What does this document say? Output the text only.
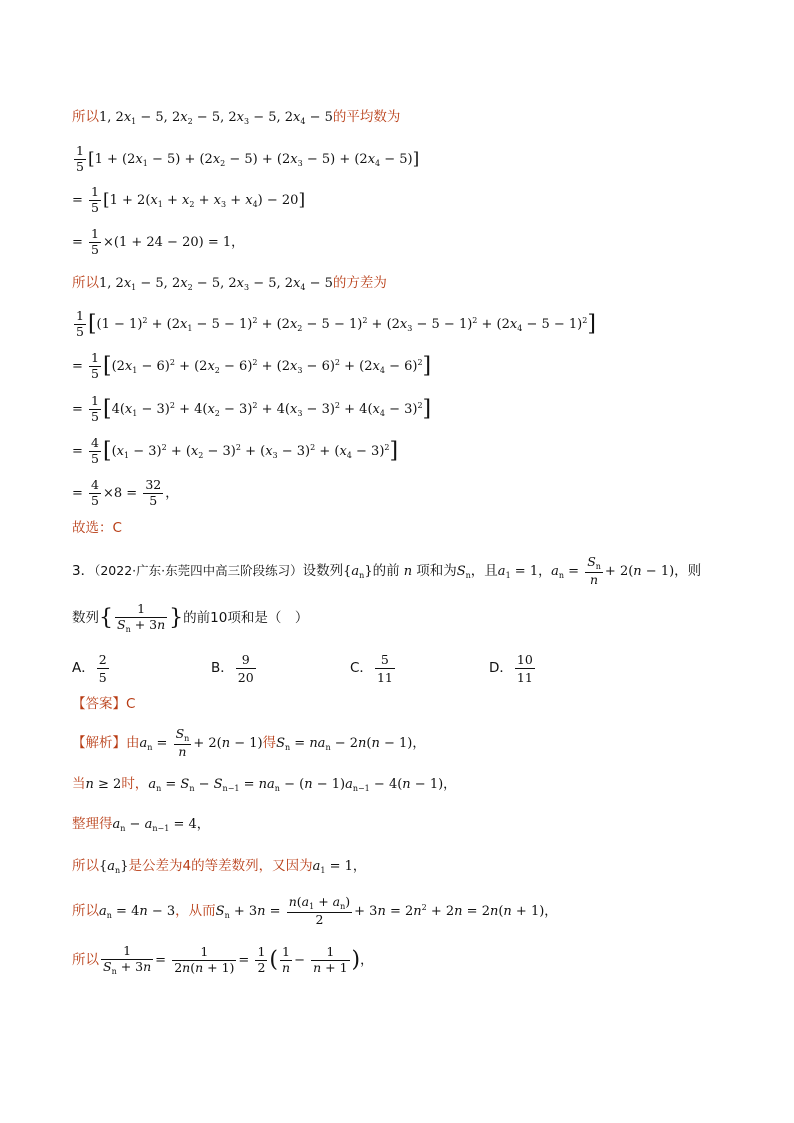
所以1, $2x_1 - 5$, $2x_2 - 5$, $2x_3 - 5$, $2x_4 - 5$的平均数为
$\frac{1}{5} [1 + (2x_1 - 5) + (2x_2 - 5) + (2x_3 - 5) + (2x_4 - 5)]$
= $\frac{1}{5} [1 + 2(x_1 + x_2 + x_3 + x_4) - 20]$
= $\frac{1}{5} \times(1 + 24 - 20) = 1$，
所以1, $2x_1 - 5$, $2x_2 - 5$, $2x_3 - 5$, $2x_4 - 5$的方差为
$\frac{1}{5} [(1 - 1)^2 + (2x_1 - 5 - 1)^2 + (2x_2 - 5 - 1)^2 + (2x_3 - 5 - 1)^2 + (2x_4 - 5 - 1)^2]$
= $\frac{1}{5} [(2x_1 - 6)^2 + (2x_2 - 6)^2 + (2x_3 - 6)^2 + (2x_4 - 6)^2]$
= $\frac{1}{5} [4(x_1 - 3)^2 + 4(x_2 - 3)^2 + 4(x_3 - 3)^2 + 4(x_4 - 3)^2]$
= $\frac{4}{5} [(x_1 - 3)^2 + (x_2 - 3)^2 + (x_3 - 3)^2 + (x_4 - 3)^2]$
= $\frac{4}{5} \times 8 = \frac{32}{5}$ ，
故选：C
3．（2022·广东·东莞四中高三阶段练习）设数列$\{a_n\}$的前 n 项和为$S_n$，且$a_1 = 1$，$a_n = \frac{S_n}{n} + 2(n - 1)$，则
数列{ $\frac{1}{S_n + 3n}$ }的前10项和是（　）
A． $\frac{2}{5}$	B． $\frac{9}{20}$	C． $\frac{5}{11}$	D． $\frac{10}{11}$
【答案】C
【解析】由$a_n = \frac{S_n}{n} + 2(n - 1)$得$S_n = na_n - 2n(n - 1)$，
当n ≥ 2时，$a_n = S_n - S_{n-1} = na_n - (n - 1)a_{n-1} - 4(n - 1)$，
整理得$a_n - a_{n-1} = 4$，
所以$\{a_n\}$是公差为4的等差数列，又因为$a_1 = 1$，
所以$a_n = 4n - 3$，从而$S_n + 3n = \frac{n(a_1 + a_n)}{2} + 3n = 2n^2 + 2n = 2n(n + 1)$，
所以 $\frac{1}{S_n + 3n} = \frac{1}{2n(n + 1)} = \frac{1}{2}$ ( $\frac{1}{n} - \frac{1}{n + 1}$ )，
